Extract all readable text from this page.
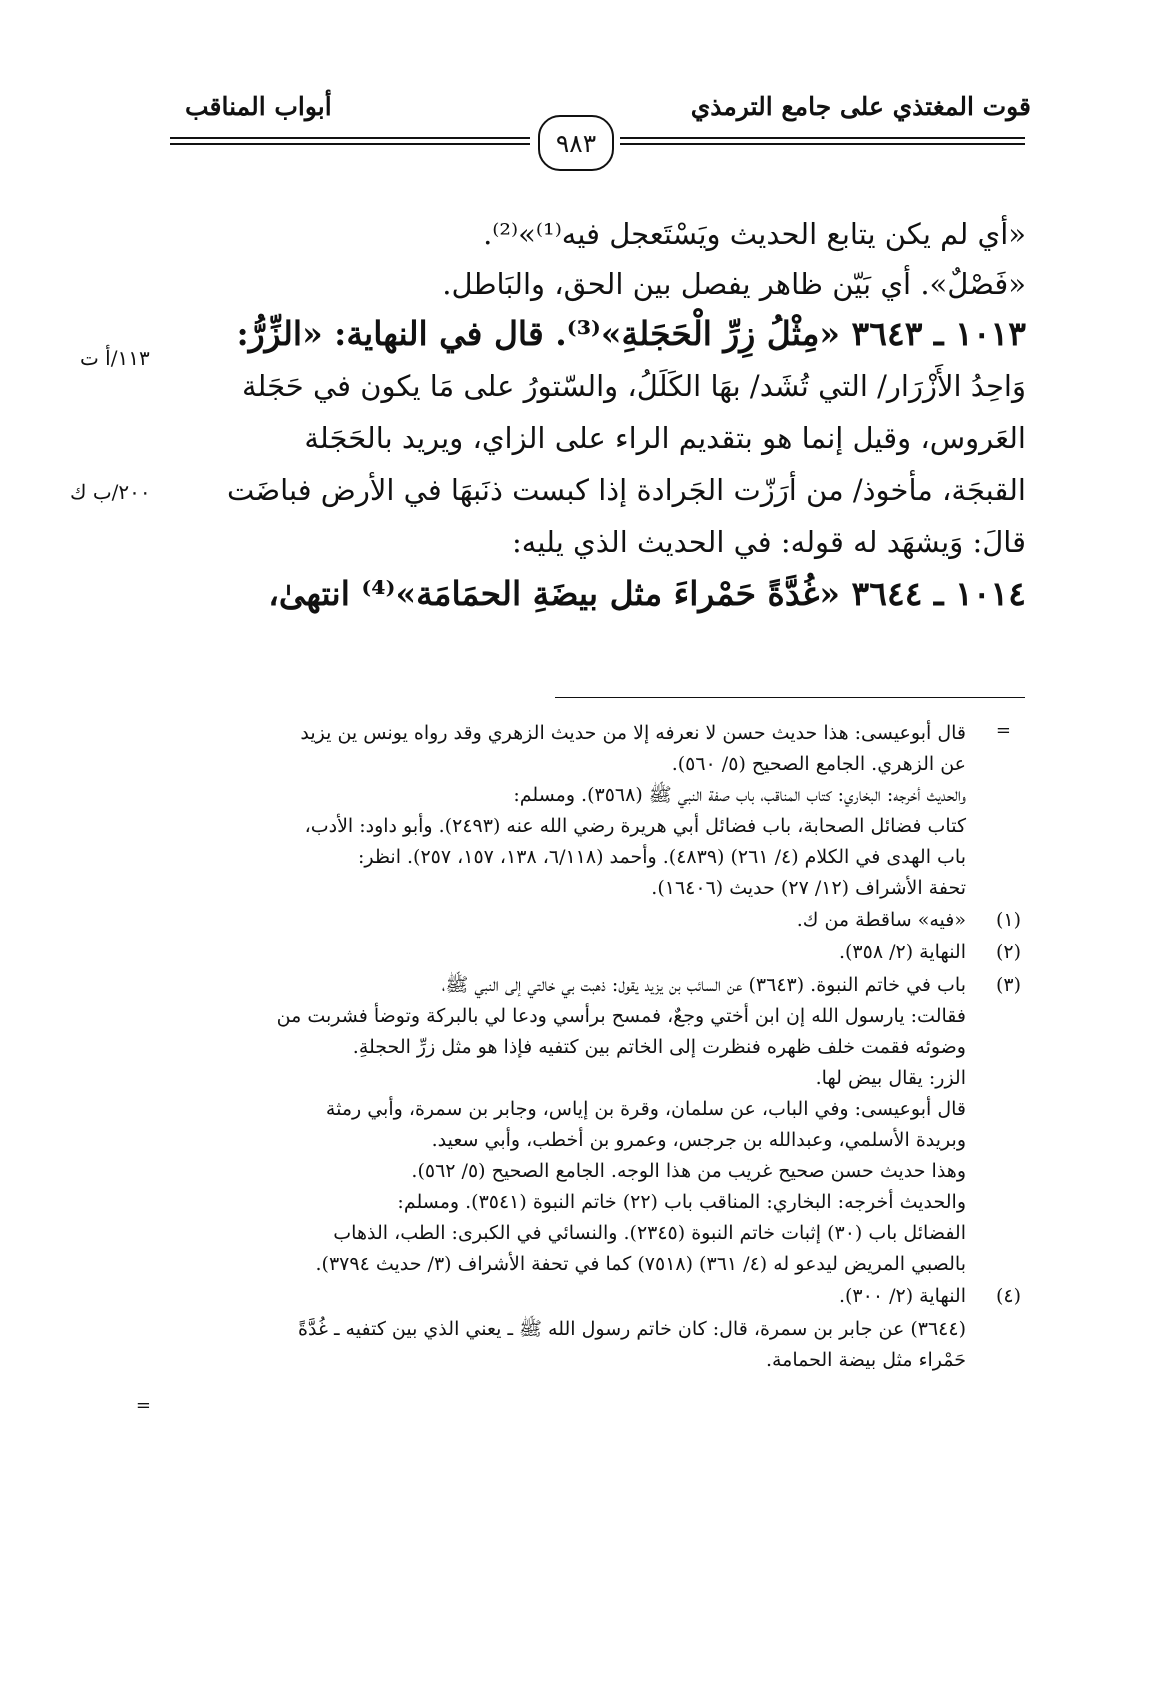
قوت المغتذي على جامع الترمذي
أبواب المناقب
٩٨٣
«أي لم يكن يتابع الحديث ويَسْتَعجل فيه⁽¹⁾»⁽²⁾.
«فَصْلٌ». أي بَيّن ظاهر يفصل بين الحق، والبَاطل.
١٠١٣ ـ ٣٦٤٣ «مِثْلُ زِرِّ الْحَجَلةِ»⁽³⁾. قال في النهاية: «الزِّرُّ:
وَاحِدُ الأَزْرَار/ التي تُشَد/ بهَا الكَلَلُ، والسّتورُ على مَا يكون في حَجَلة
العَروس، وقيل إنما هو بتقديم الراء على الزاي، ويريد بالحَجَلة
القبجَة، مأخوذ/ من أرَزّت الجَرادة إذا كبست ذنَبهَا في الأرض فباضَت
قالَ: وَيشهَد له قوله: في الحديث الذي يليه:
١٠١٤ ـ ٣٦٤٤ «غُدَّةً حَمْراءَ مثل بيضَةِ الحمَامَة»⁽⁴⁾ انتهىٰ،
١١٣/أ ت
٢٠٠/ب ك
=
قال أبوعيسى: هذا حديث حسن لا نعرفه إلا من حديث الزهري وقد رواه يونس ين يزيد
عن الزهري. الجامع الصحيح (٥/ ٥٦٠).
والحديث أخرجه: البخاري: كتاب المناقب، باب صفة النبي ﷺ (٣٥٦٨). ومسلم:
كتاب فضائل الصحابة، باب فضائل أبي هريرة رضي الله عنه (٢٤٩٣). وأبو داود: الأدب،
باب الهدى في الكلام (٤/ ٢٦١) (٤٨٣٩). وأحمد (٦/١١٨، ١٣٨، ١٥٧، ٢٥٧). انظر:
تحفة الأشراف (١٢/ ٢٧) حديث (١٦٤٠٦).
(١)
«فيه» ساقطة من ك.
(٢)
النهاية (٢/ ٣٥٨).
(٣)
باب في خاتم النبوة. (٣٦٤٣) عن السائب بن يزيد يقول: ذهبت بي خالتي إلى النبي ﷺ،
فقالت: يارسول الله إن ابن أختي وجعٌ، فمسح برأسي ودعا لي بالبركة وتوضأ فشربت من
وضوئه فقمت خلف ظهره فنظرت إلى الخاتم بين كتفيه فإذا هو مثل زرِّ الحجلةِ.
الزر: يقال بيض لها.
قال أبوعيسى: وفي الباب، عن سلمان، وقرة بن إياس، وجابر بن سمرة، وأبي رمثة
وبريدة الأسلمي، وعبدالله بن جرجس، وعمرو بن أخطب، وأبي سعيد.
وهذا حديث حسن صحيح غريب من هذا الوجه. الجامع الصحيح (٥/ ٥٦٢).
والحديث أخرجه: البخاري: المناقب باب (٢٢) خاتم النبوة (٣٥٤١). ومسلم:
الفضائل باب (٣٠) إثبات خاتم النبوة (٢٣٤٥). والنسائي في الكبرى: الطب، الذهاب
بالصبي المريض ليدعو له (٤/ ٣٦١) (٧٥١٨) كما في تحفة الأشراف (٣/ حديث ٣٧٩٤).
(٤)
النهاية (٢/ ٣٠٠).
(٣٦٤٤) عن جابر بن سمرة، قال: كان خاتم رسول الله ﷺ ـ يعني الذي بين كتفيه ـ غُدَّةً
حَمْراء مثل بيضة الحمامة.
=
